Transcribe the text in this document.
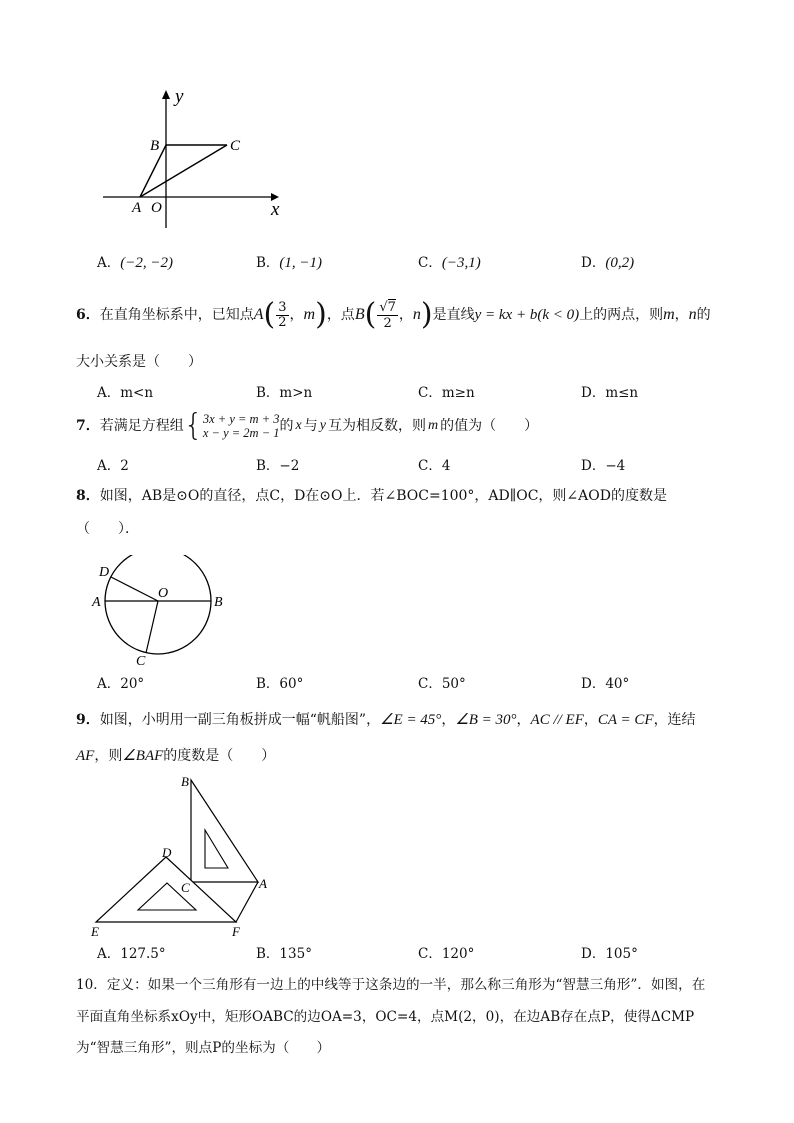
y
x
B	C
A O
A．(−2, −2)	B．(1, −1)	C．(−3,1)	D．(0,2)
6． 在直角坐标系中，已知点 A ( $\frac{3}{2}$ ， m ) ，点 B ( $\frac{√7}{2}$ ， n ) 是直线 y = kx + b(k < 0) 上的两点，则 m ， n 的
大小关系是（　　）
A．m<n	B．m>n	C．m≥n	D．m≤n
7． 若满足方程组 { 3x + y = m + 3
x − y = 2m − 1 的 x 与 y 互为相反数，则 m 的值为（　　）
A．2	B．−2	C．4	D．−4
8．如图，AB是⊙O的直径，点C，D在⊙O上．若∠BOC=100°，AD∥OC，则∠AOD的度数是
（　　）．
D
O
A	B
C
A．20°	B．60°	C．50°	D．40°
9．如图，小明用一副三角板拼成一幅“帆船图”，∠E = 45°，∠B = 30°，AC // EF，CA = CF，连结
AF，则∠BAF的度数是（　　）
B
D
C	A
E	F
A．127.5°	B．135°	C．120°	D．105°
10．定义：如果一个三角形有一边上的中线等于这条边的一半，那么称三角形为“智慧三角形”．如图，在
平面直角坐标系xOy中，矩形OABC的边OA=3，OC=4，点M(2，0)，在边AB存在点P，使得ΔCMP
为“智慧三角形”，则点P的坐标为（　　）
